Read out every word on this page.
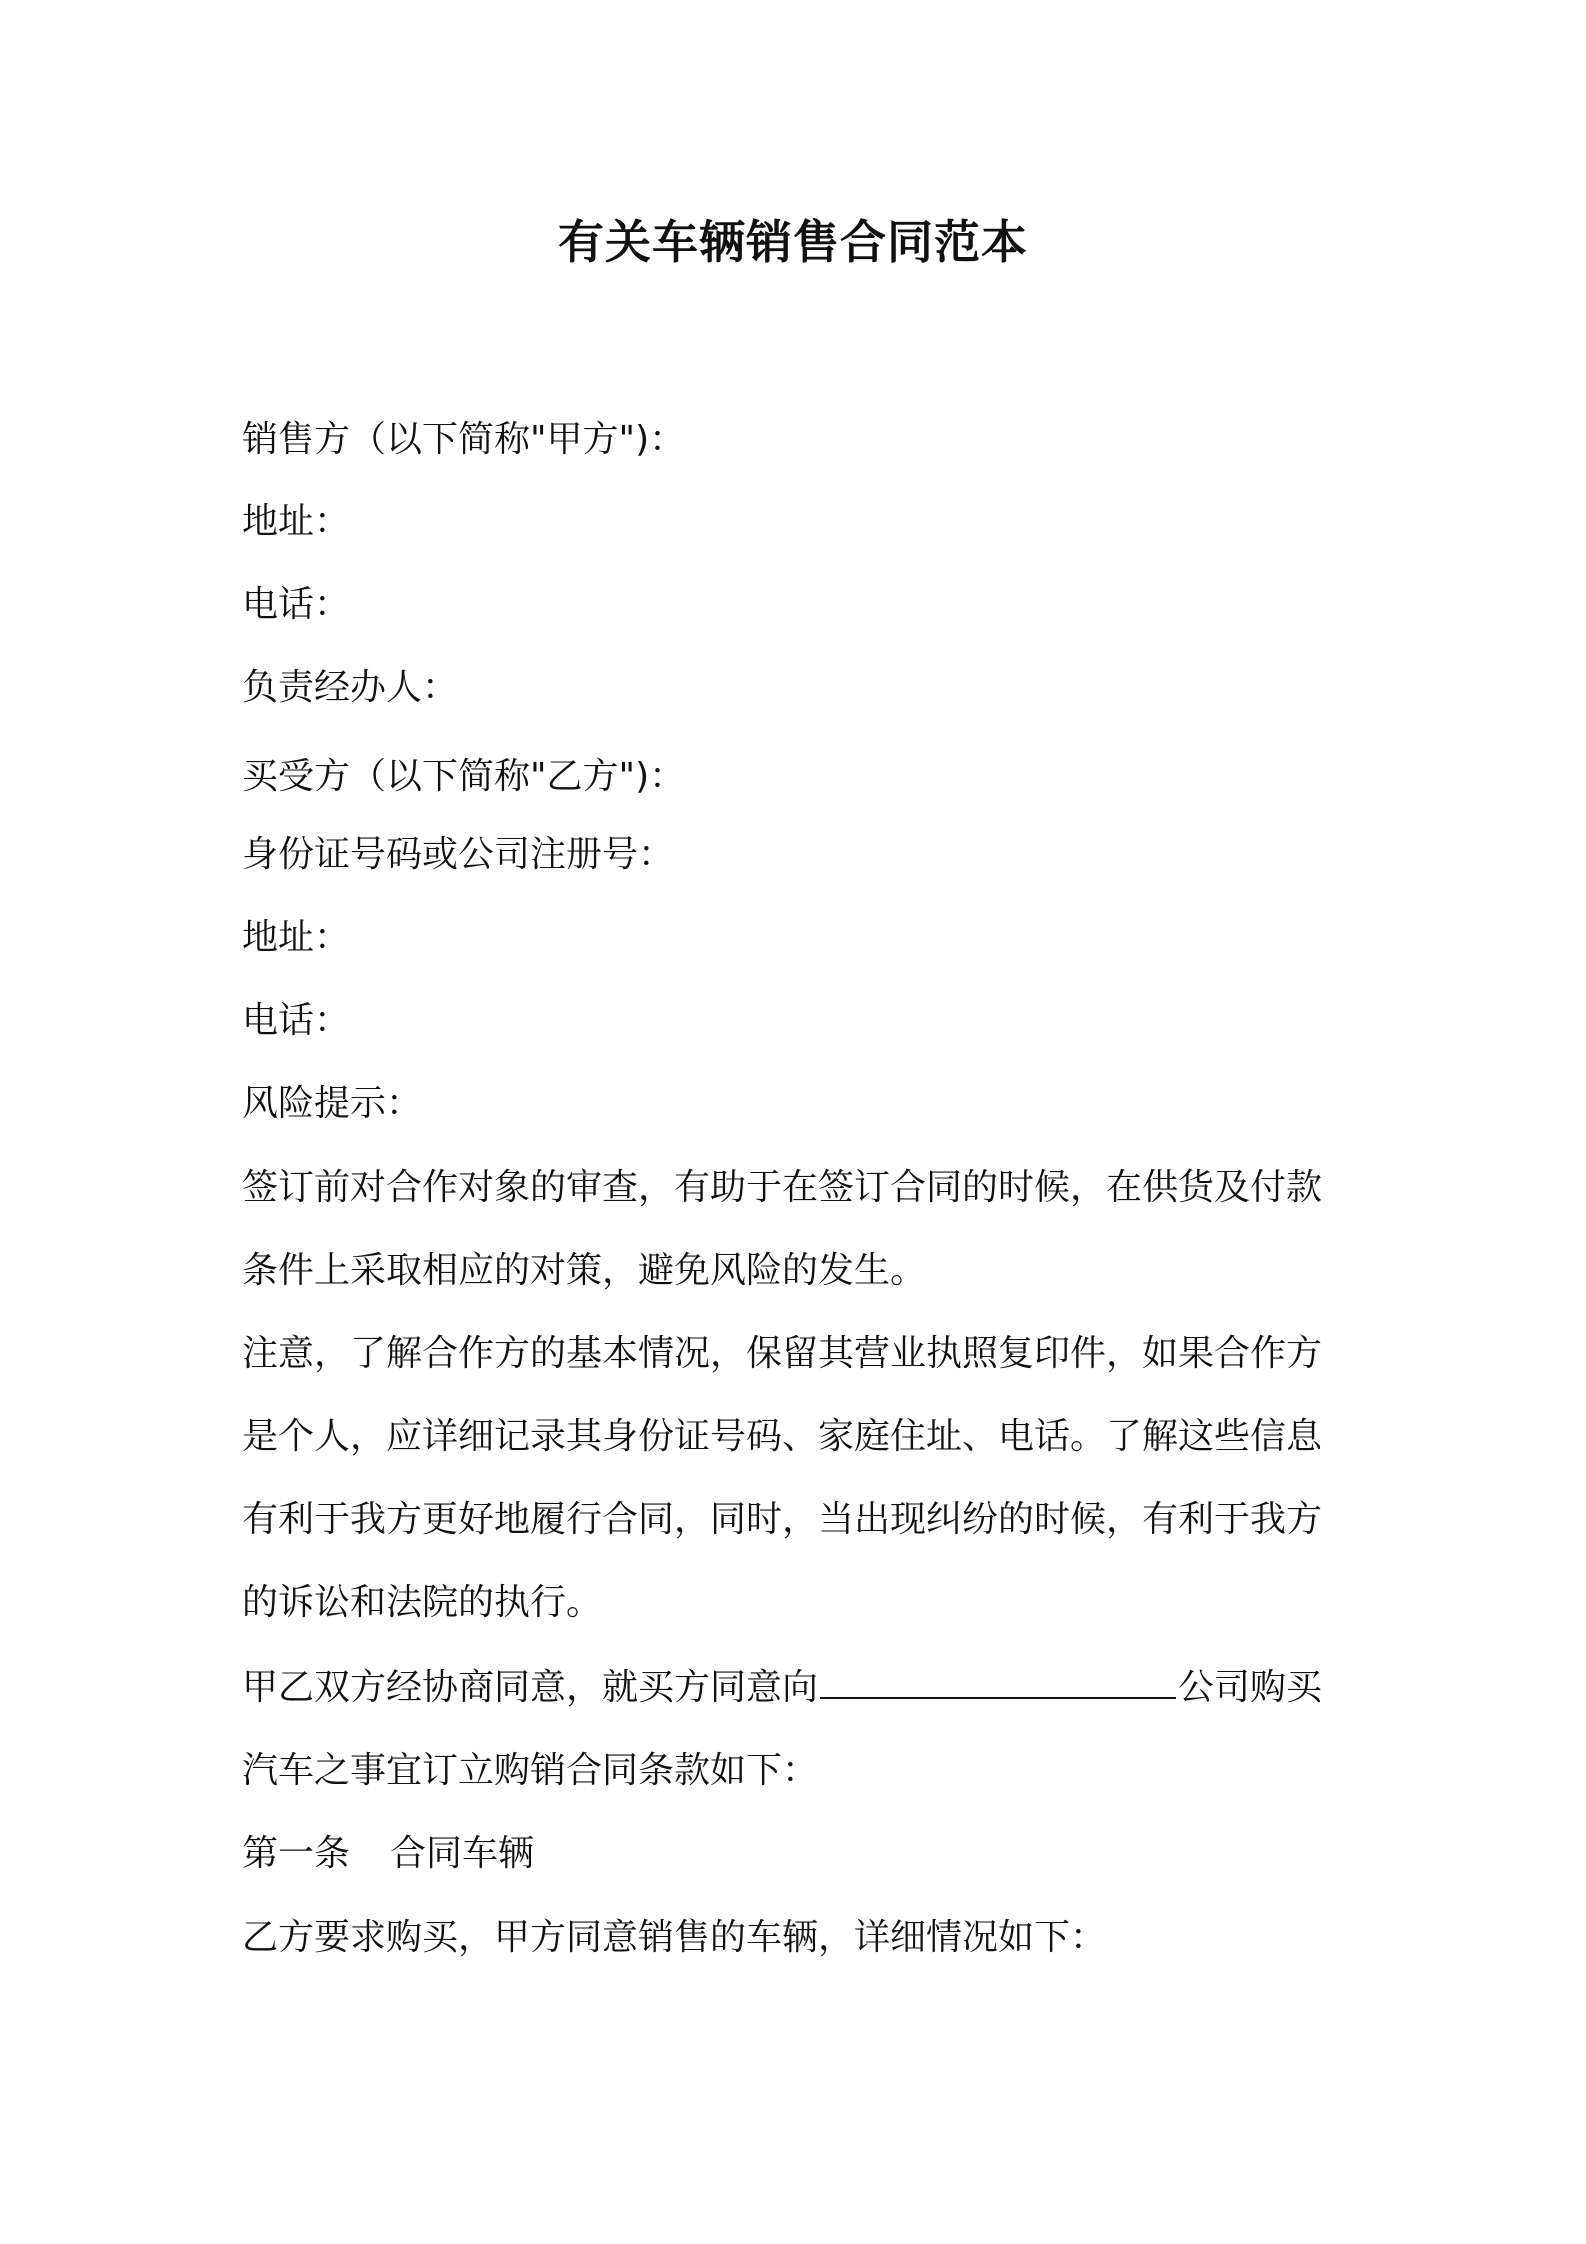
有关车辆销售合同范本
销售方（以下简称"甲方")：
地址：
电话：
负责经办人：
买受方（以下简称"乙方")：
身份证号码或公司注册号：
地址：
电话：
风险提示：
签订前对合作对象的审查，有助于在签订合同的时候，在供货及付款
条件上采取相应的对策，避免风险的发生。
注意，了解合作方的基本情况，保留其营业执照复印件，如果合作方
是个人，应详细记录其身份证号码、家庭住址、电话。了解这些信息
有利于我方更好地履行合同，同时，当出现纠纷的时候，有利于我方
的诉讼和法院的执行。
甲乙双方经协商同意，就买方同意向	公司购买
汽车之事宜订立购销合同条款如下：
第一条 合同车辆
乙方要求购买，甲方同意销售的车辆，详细情况如下：
